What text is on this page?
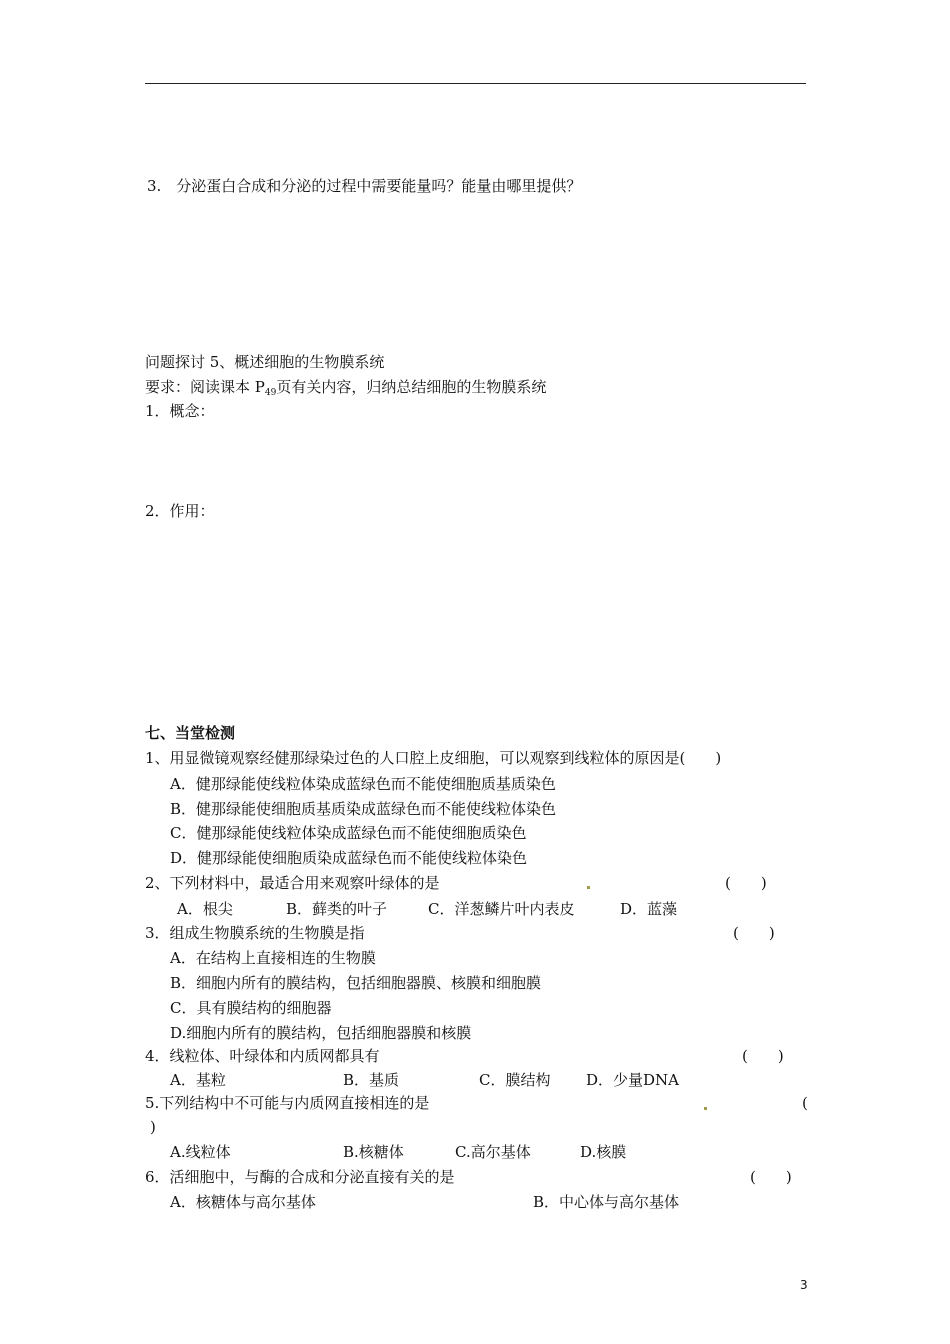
3.　分泌蛋白合成和分泌的过程中需要能量吗？能量由哪里提供？
问题探讨 5、概述细胞的生物膜系统
要求：阅读课本 $P_{49}$页有关内容，归纳总结细胞的生物膜系统
1．概念：
2．作用：
七、当堂检测
1、用显微镜观察经健那绿染过色的人口腔上皮细胞，可以观察到线粒体的原因是(　　)
A．健那绿能使线粒体染成蓝绿色而不能使细胞质基质染色
B．健那绿能使细胞质基质染成蓝绿色而不能使线粒体染色
C．健那绿能使线粒体染成蓝绿色而不能使细胞质染色
D．健那绿能使细胞质染成蓝绿色而不能使线粒体染色
2、下列材料中，最适合用来观察叶绿体的是	(　　)
A．根尖	B．藓类的叶子	C．洋葱鳞片叶内表皮	D．蓝藻
3．组成生物膜系统的生物膜是指	(　　)
A．在结构上直接相连的生物膜
B．细胞内所有的膜结构，包括细胞器膜、核膜和细胞膜
C．具有膜结构的细胞器
D.细胞内所有的膜结构，包括细胞器膜和核膜
4．线粒体、叶绿体和内质网都具有	(　　)
A．基粒	B．基质	C．膜结构 D．少量DNA
5.下列结构中不可能与内质网直接相连的是	(
)
A.线粒体	B.核糖体	C.高尔基体	D.核膜
6．活细胞中，与酶的合成和分泌直接有关的是	(　　)
A．核糖体与高尔基体	B．中心体与高尔基体
3
